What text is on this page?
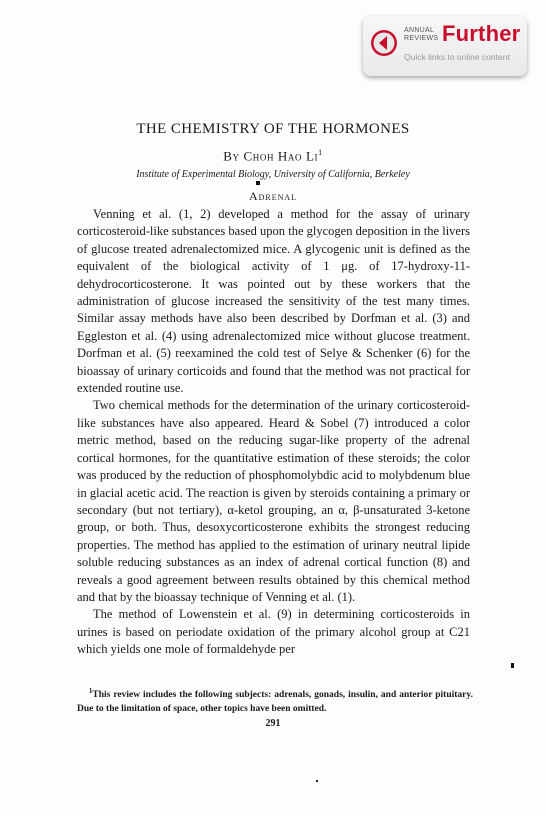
ANNUAL
REVIEWS Further
Quick links to online content
THE CHEMISTRY OF THE HORMONES
By Choh Hao Li$^1$
Institute of Experimental Biology, University of California, Berkeley
Adrenal

Venning et al. (1, 2) developed a method for the assay of urinary corticosteroid-like substances based upon the glycogen deposition in the livers of glucose treated adrenalectomized mice. A glycogenic unit is defined as the equivalent of the biological activity of 1 μg. of 17-hydroxy-11-dehydrocorticosterone. It was pointed out by these workers that the administration of glucose increased the sensitivity of the test many times. Similar assay methods have also been described by Dorfman et al. (3) and Eggleston et al. (4) using adrenalectomized mice without glucose treatment. Dorfman et al. (5) reexamined the cold test of Selye & Schenker (6) for the bioassay of urinary corticoids and found that the method was not practical for extended routine use.

Two chemical methods for the determination of the urinary corticosteroid-like substances have also appeared. Heard & Sobel (7) introduced a color metric method, based on the reducing sugar-like property of the adrenal cortical hormones, for the quantitative estimation of these steroids; the color was produced by the reduction of phosphomolybdic acid to molybdenum blue in glacial acetic acid. The reaction is given by steroids containing a primary or secondary (but not tertiary), α-ketol grouping, an α, β-unsaturated 3-ketone group, or both. Thus, desoxycorticosterone exhibits the strongest reducing properties. The method has applied to the estimation of urinary neutral lipide soluble reducing substances as an index of adrenal cortical function (8) and reveals a good agreement between results obtained by this chemical method and that by the bioassay technique of Venning et al. (1).

The method of Lowenstein et al. (9) in determining corticosteroids in urines is based on periodate oxidation of the primary alcohol group at C21 which yields one mole of formaldehyde per

$^1$This review includes the following subjects: adrenals, gonads, insulin, and anterior pituitary. Due to the limitation of space, other topics have been omitted.
291
